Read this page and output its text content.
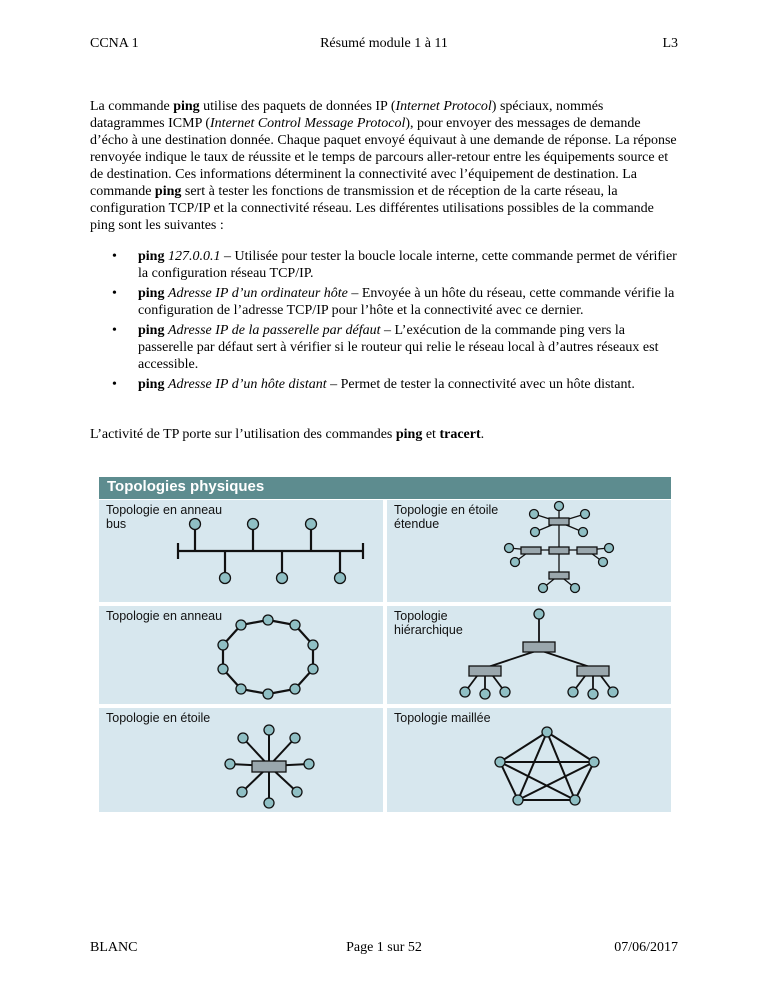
CCNA 1	Résumé module 1 à 11	L3

La commande ping utilise des paquets de données IP (Internet Protocol) spéciaux, nommés datagrammes ICMP (Internet Control Message Protocol), pour envoyer des messages de demande d’écho à une destination donnée. Chaque paquet envoyé équivaut à une demande de réponse. La réponse renvoyée indique le taux de réussite et le temps de parcours aller-retour entre les équipements source et de destination. Ces informations déterminent la connectivité avec l’équipement de destination. La commande ping sert à tester les fonctions de transmission et de réception de la carte réseau, la configuration TCP/IP et la connectivité réseau. Les différentes utilisations possibles de la commande ping sont les suivantes :

• ping 127.0.0.1 – Utilisée pour tester la boucle locale interne, cette commande permet de vérifier la configuration réseau TCP/IP.
• ping Adresse IP d’un ordinateur hôte – Envoyée à un hôte du réseau, cette commande vérifie la configuration de l’adresse TCP/IP pour l’hôte et la connectivité avec ce dernier.
• ping Adresse IP de la passerelle par défaut – L’exécution de la commande ping vers la passerelle par défaut sert à vérifier si le routeur qui relie le réseau local à d’autres réseaux est accessible.
• ping Adresse IP d’un hôte distant – Permet de tester la connectivité avec un hôte distant.

L’activité de TP porte sur l’utilisation des commandes ping et tracert.

Topologies physiques
Topologie en anneau
bus
Topologie en étoile
étendue
Topologie en anneau	Topologie
hiérarchique
Topologie en étoile	Topologie maillée
BLANC	Page 1 sur 52	07/06/2017
